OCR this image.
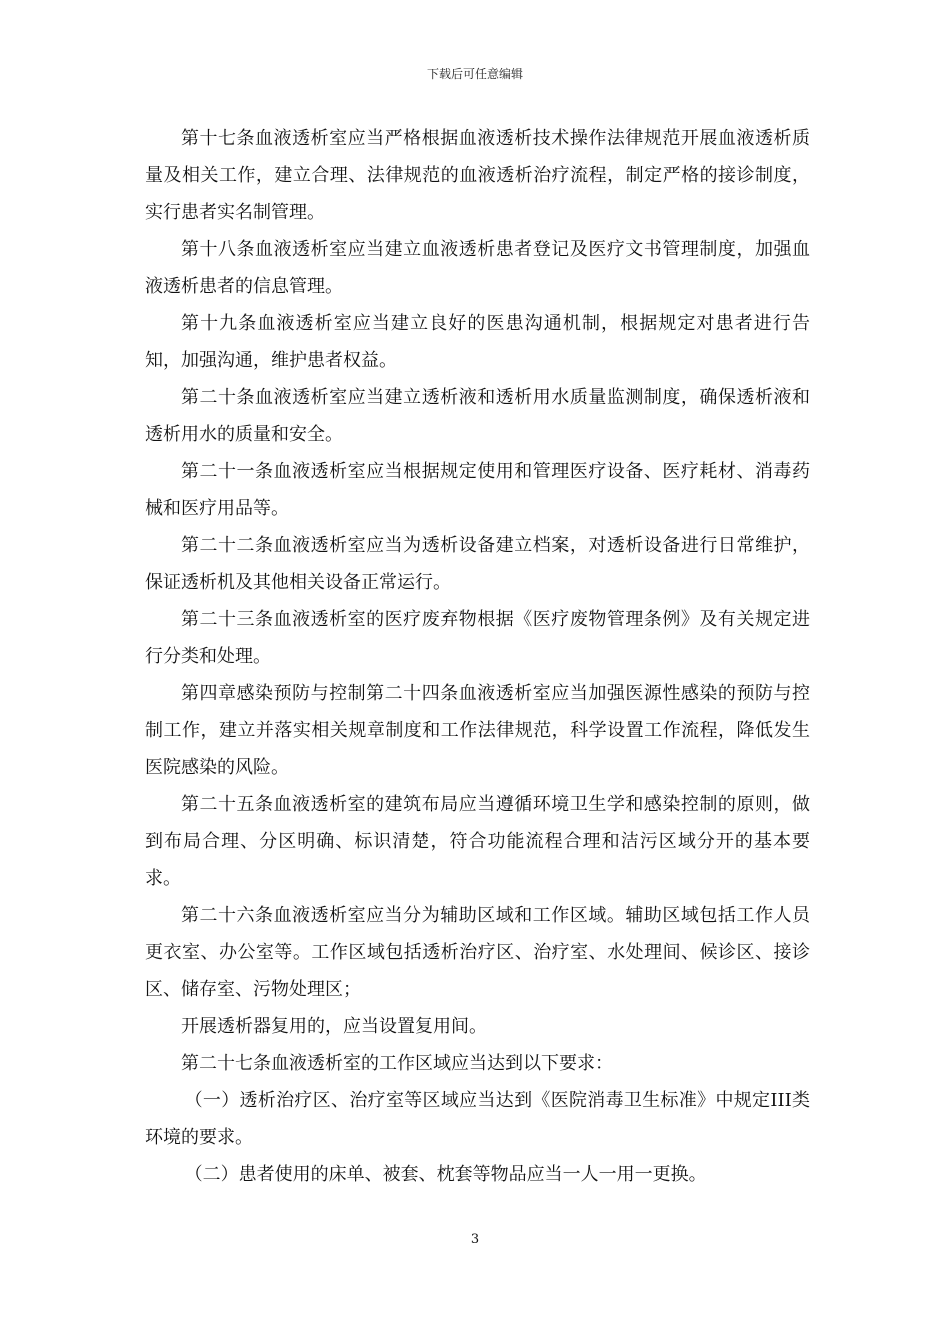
下载后可任意编辑

第十七条血液透析室应当严格根据血液透析技术操作法律规范开展血液透析质量及相关工作，建立合理、法律规范的血液透析治疗流程，制定严格的接诊制度，实行患者实名制管理。

第十八条血液透析室应当建立血液透析患者登记及医疗文书管理制度，加强血液透析患者的信息管理。

第十九条血液透析室应当建立良好的医患沟通机制，根据规定对患者进行告知，加强沟通，维护患者权益。

第二十条血液透析室应当建立透析液和透析用水质量监测制度，确保透析液和透析用水的质量和安全。

第二十一条血液透析室应当根据规定使用和管理医疗设备、医疗耗材、消毒药械和医疗用品等。

第二十二条血液透析室应当为透析设备建立档案，对透析设备进行日常维护，保证透析机及其他相关设备正常运行。

第二十三条血液透析室的医疗废弃物根据《医疗废物管理条例》及有关规定进行分类和处理。

第四章感染预防与控制第二十四条血液透析室应当加强医源性感染的预防与控制工作，建立并落实相关规章制度和工作法律规范，科学设置工作流程，降低发生医院感染的风险。

第二十五条血液透析室的建筑布局应当遵循环境卫生学和感染控制的原则，做到布局合理、分区明确、标识清楚，符合功能流程合理和洁污区域分开的基本要求。

第二十六条血液透析室应当分为辅助区域和工作区域。辅助区域包括工作人员更衣室、办公室等。工作区域包括透析治疗区、治疗室、水处理间、候诊区、接诊区、储存室、污物处理区；

开展透析器复用的，应当设置复用间。

第二十七条血液透析室的工作区域应当达到以下要求：

（一）透析治疗区、治疗室等区域应当达到《医院消毒卫生标准》中规定III类环境的要求。

（二）患者使用的床单、被套、枕套等物品应当一人一用一更换。

3
